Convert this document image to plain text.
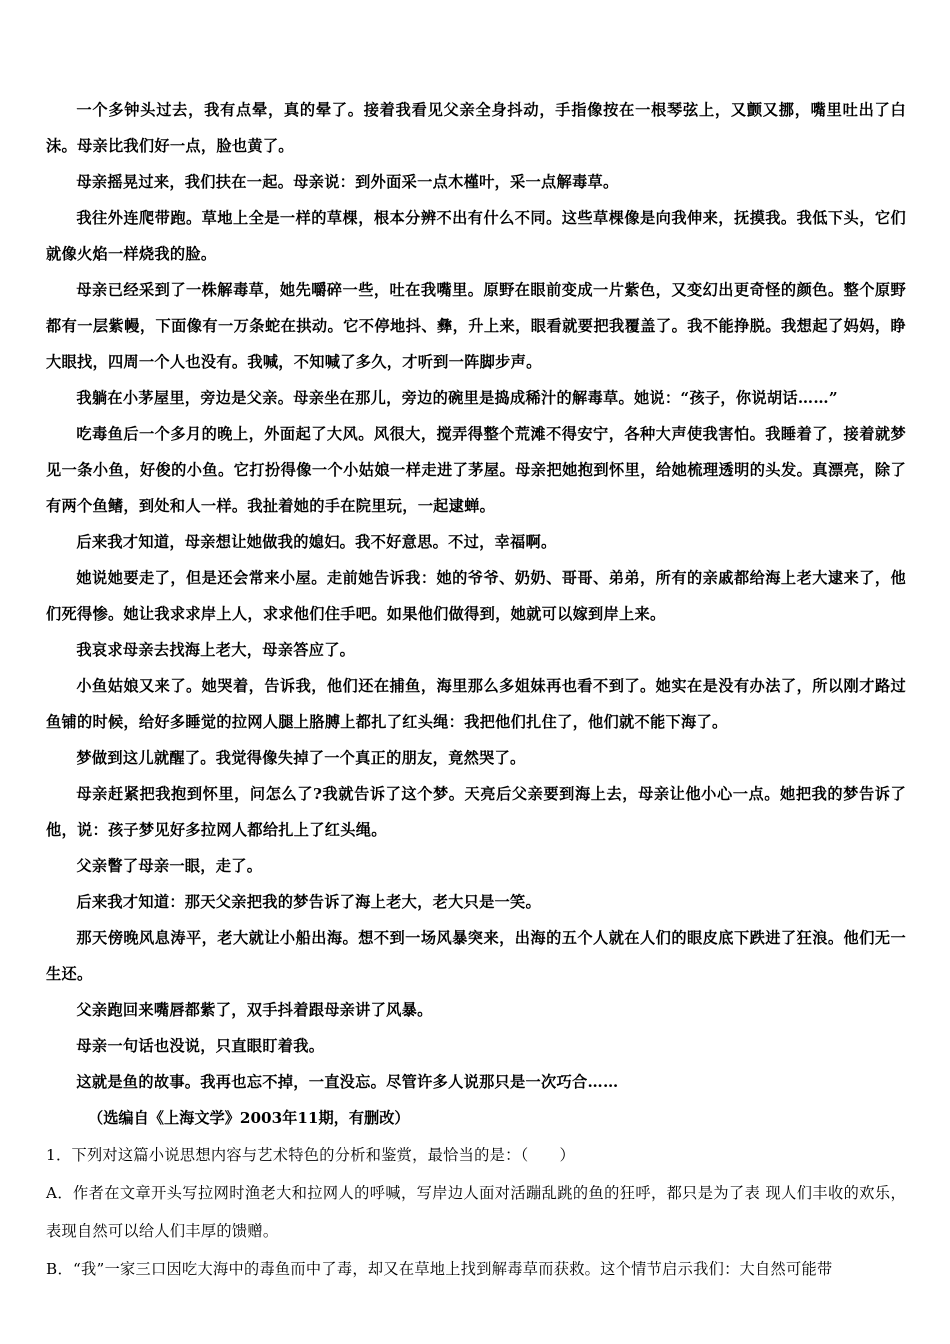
一个多钟头过去，我有点晕，真的晕了。接着我看见父亲全身抖动，手指像按在一根琴弦上，又颤又挪，嘴里吐出了白沫。母亲比我们好一点，脸也黄了。

母亲摇晃过来，我们扶在一起。母亲说：到外面采一点木槿叶，采一点解毒草。

我往外连爬带跑。草地上全是一样的草棵，根本分辨不出有什么不同。这些草棵像是向我伸来，抚摸我。我低下头，它们就像火焰一样烧我的脸。

母亲已经采到了一株解毒草，她先嚼碎一些，吐在我嘴里。原野在眼前变成一片紫色，又变幻出更奇怪的颜色。整个原野都有一层紫幔，下面像有一万条蛇在拱动。它不停地抖、彝，升上来，眼看就要把我覆盖了。我不能挣脱。我想起了妈妈，睁大眼找，四周一个人也没有。我喊，不知喊了多久，才听到一阵脚步声。

我躺在小茅屋里，旁边是父亲。母亲坐在那儿，旁边的碗里是捣成稀汁的解毒草。她说：“孩子，你说胡话……”

吃毒鱼后一个多月的晚上，外面起了大风。风很大，搅弄得整个荒滩不得安宁，各种大声使我害怕。我睡着了，接着就梦见一条小鱼，好俊的小鱼。它打扮得像一个小姑娘一样走进了茅屋。母亲把她抱到怀里，给她梳理透明的头发。真漂亮，除了有两个鱼鳍，到处和人一样。我扯着她的手在院里玩，一起逮蝉。

后来我才知道，母亲想让她做我的媳妇。我不好意思。不过，幸福啊。

她说她要走了，但是还会常来小屋。走前她告诉我：她的爷爷、奶奶、哥哥、弟弟，所有的亲戚都给海上老大逮来了，他们死得惨。她让我求求岸上人，求求他们住手吧。如果他们做得到，她就可以嫁到岸上来。

我哀求母亲去找海上老大，母亲答应了。

小鱼姑娘又来了。她哭着，告诉我，他们还在捕鱼，海里那么多姐妹再也看不到了。她实在是没有办法了，所以刚才路过鱼铺的时候，给好多睡觉的拉网人腿上胳膊上都扎了红头绳：我把他们扎住了，他们就不能下海了。

梦做到这儿就醒了。我觉得像失掉了一个真正的朋友，竟然哭了。

母亲赶紧把我抱到怀里，问怎么了?我就告诉了这个梦。天亮后父亲要到海上去，母亲让他小心一点。她把我的梦告诉了他，说：孩子梦见好多拉网人都给扎上了红头绳。

父亲瞥了母亲一眼，走了。

后来我才知道：那天父亲把我的梦告诉了海上老大，老大只是一笑。

那天傍晚风息涛平，老大就让小船出海。想不到一场风暴突来，出海的五个人就在人们的眼皮底下跌进了狂浪。他们无一生还。

父亲跑回来嘴唇都紫了，双手抖着跟母亲讲了风暴。

母亲一句话也没说，只直眼盯着我。

这就是鱼的故事。我再也忘不掉，一直没忘。尽管许多人说那只是一次巧合……

（选编自《上海文学》2003年11期，有删改）

1．下列对这篇小说思想内容与艺术特色的分析和鉴赏，最恰当的是：（　　）

A．作者在文章开头写拉网时渔老大和拉网人的呼喊，写岸边人面对活蹦乱跳的鱼的狂呼，都只是为了表 现人们丰收的欢乐，表现自然可以给人们丰厚的馈赠。

B．“我”一家三口因吃大海中的毒鱼而中了毒，却又在草地上找到解毒草而获救。这个情节启示我们：大自然可能带
